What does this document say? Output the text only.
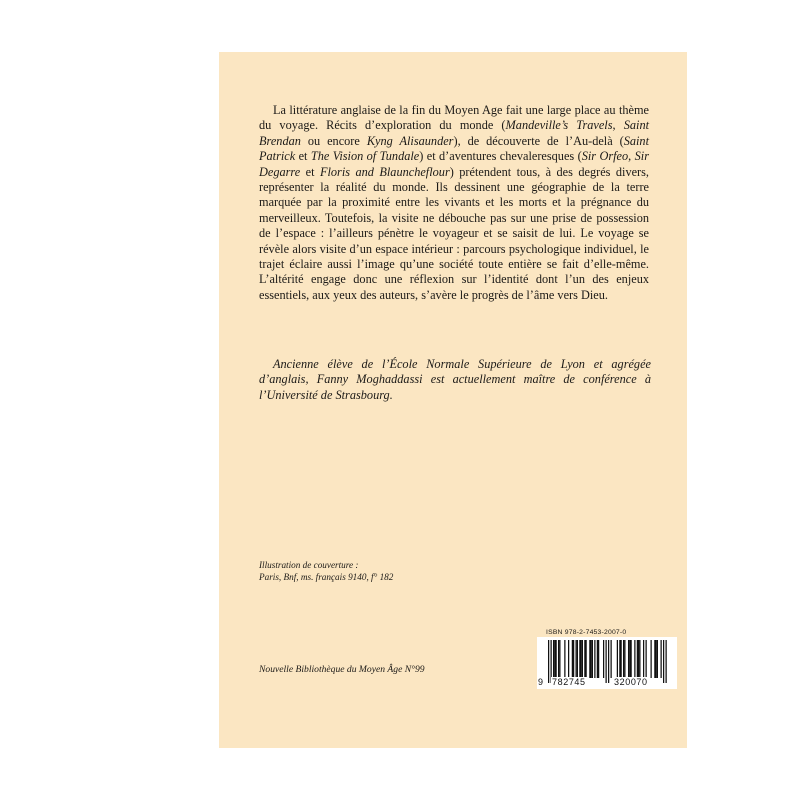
La littérature anglaise de la fin du Moyen Age fait une large place au thème du voyage. Récits d’exploration du monde (Mandeville’s Travels, Saint Brendan ou encore Kyng Alisaunder), de découverte de l’Au-delà (Saint Patrick et The Vision of Tundale) et d’aventures chevaleresques (Sir Orfeo, Sir Degarre et Floris and Blauncheflour) prétendent tous, à des degrés divers, représenter la réalité du monde. Ils dessinent une géographie de la terre marquée par la proximité entre les vivants et les morts et la prégnance du merveilleux. Toutefois, la visite ne débouche pas sur une prise de possession de l’espace : l’ailleurs pénètre le voyageur et se saisit de lui. Le voyage se révèle alors visite d’un espace intérieur : parcours psychologique individuel, le trajet éclaire aussi l’image qu’une société toute entière se fait d’elle-même. L’altérité engage donc une réflexion sur l’identité dont l’un des enjeux essentiels, aux yeux des auteurs, s’avère le progrès de l’âme vers Dieu.

Ancienne élève de l’École Normale Supérieure de Lyon et agrégée d’anglais, Fanny Moghaddassi est actuellement maître de conférence à l’Université de Strasbourg.

Illustration de couverture :
Paris, Bnf, ms. français 9140, f° 182
Nouvelle Bibliothèque du Moyen Âge N°99
ISBN 978-2-7453-2007-0
9 782745	320070
